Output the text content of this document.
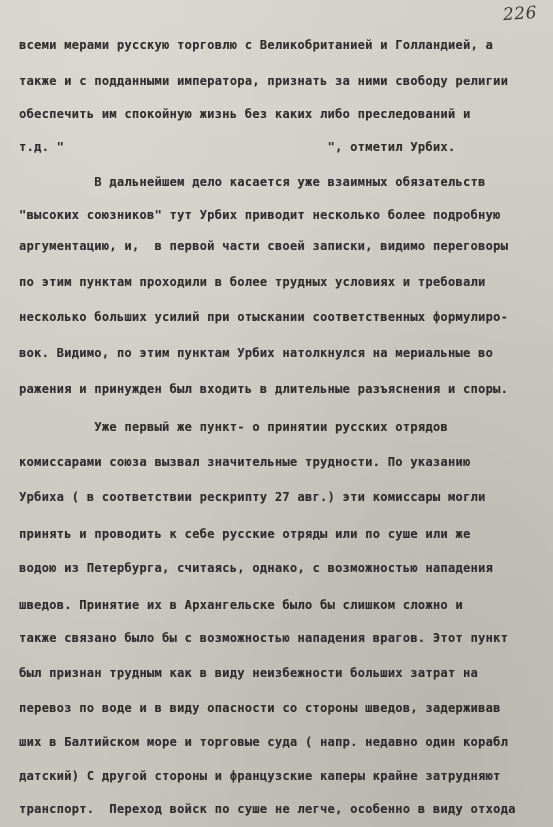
226
всеми мерами русскую торговлю с Великобританией и Голландией, а
также и с подданными императора, признать за ними свободу религии
обеспечить им спокойную жизнь без каких либо преследований и
т.д. "                                   ", отметил Урбих.
В дальнейшем дело касается уже взаимных обязательств
"высоких союзников" тут Урбих приводит несколько более подробную
аргументацию, и,  в первой части своей записки, видимо переговоры
по этим пунктам проходили в более трудных условиях и требовали
несколько больших усилий при отыскании соответственных формулиро-
вок. Видимо, по этим пунктам Урбих натолкнулся на мериальные во
ражения и принужден был входить в длительные разъяснения и споры.
Уже первый же пункт- о принятии русских отрядов
комиссарами союза вызвал значительные трудности. По указанию
Урбиха ( в соответствии рескрипту 27 авг.) эти комиссары могли
принять и проводить к себе русские отряды или по суше или же
водою из Петербурга, считаясь, однако, с возможностью нападения
шведов. Принятие их в Архангельске было бы слишком сложно и
также связано было бы с возможностью нападения врагов. Этот пункт
был признан трудным как в виду неизбежности больших затрат на
перевоз по воде и в виду опасности со стороны шведов, задерживав
ших в Балтийском море и торговые суда ( напр. недавно один корабл
датский) С другой стороны и французские каперы крайне затрудняют
транспорт.  Переход войск по суше не легче, особенно в виду отхода
